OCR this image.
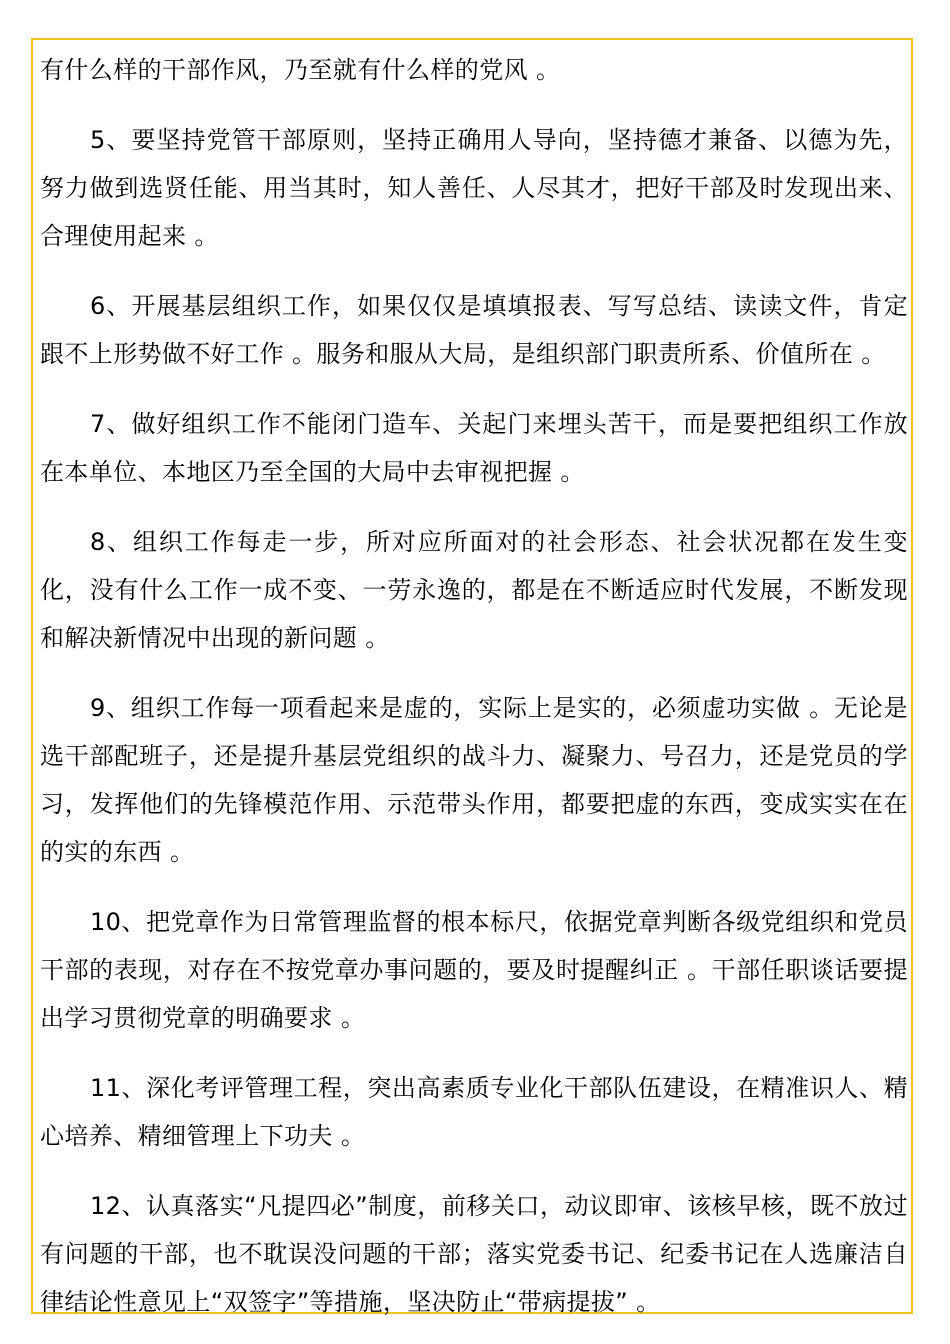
有什么样的干部作风，乃至就有什么样的党风 。

5、要坚持党管干部原则，坚持正确用人导向，坚持德才兼备、以德为先，努力做到选贤任能、用当其时，知人善任、人尽其才，把好干部及时发现出来、合理使用起来 。

6、开展基层组织工作，如果仅仅是填填报表、写写总结、读读文件，肯定跟不上形势做不好工作 。服务和服从大局，是组织部门职责所系、价值所在 。

7、做好组织工作不能闭门造车、关起门来埋头苦干，而是要把组织工作放在本单位、本地区乃至全国的大局中去审视把握 。

8、组织工作每走一步，所对应所面对的社会形态、社会状况都在发生变化，没有什么工作一成不变、一劳永逸的，都是在不断适应时代发展，不断发现和解决新情况中出现的新问题 。

9、组织工作每一项看起来是虚的，实际上是实的，必须虚功实做 。无论是选干部配班子，还是提升基层党组织的战斗力、凝聚力、号召力，还是党员的学习，发挥他们的先锋模范作用、示范带头作用，都要把虚的东西，变成实实在在的实的东西 。

10、把党章作为日常管理监督的根本标尺，依据党章判断各级党组织和党员干部的表现，对存在不按党章办事问题的，要及时提醒纠正 。干部任职谈话要提出学习贯彻党章的明确要求 。

11、深化考评管理工程，突出高素质专业化干部队伍建设，在精准识人、精心培养、精细管理上下功夫 。

12、认真落实“凡提四必”制度，前移关口，动议即审、该核早核，既不放过有问题的干部，也不耽误没问题的干部；落实党委书记、纪委书记在人选廉洁自律结论性意见上“双签字”等措施，坚决防止“带病提拔” 。
